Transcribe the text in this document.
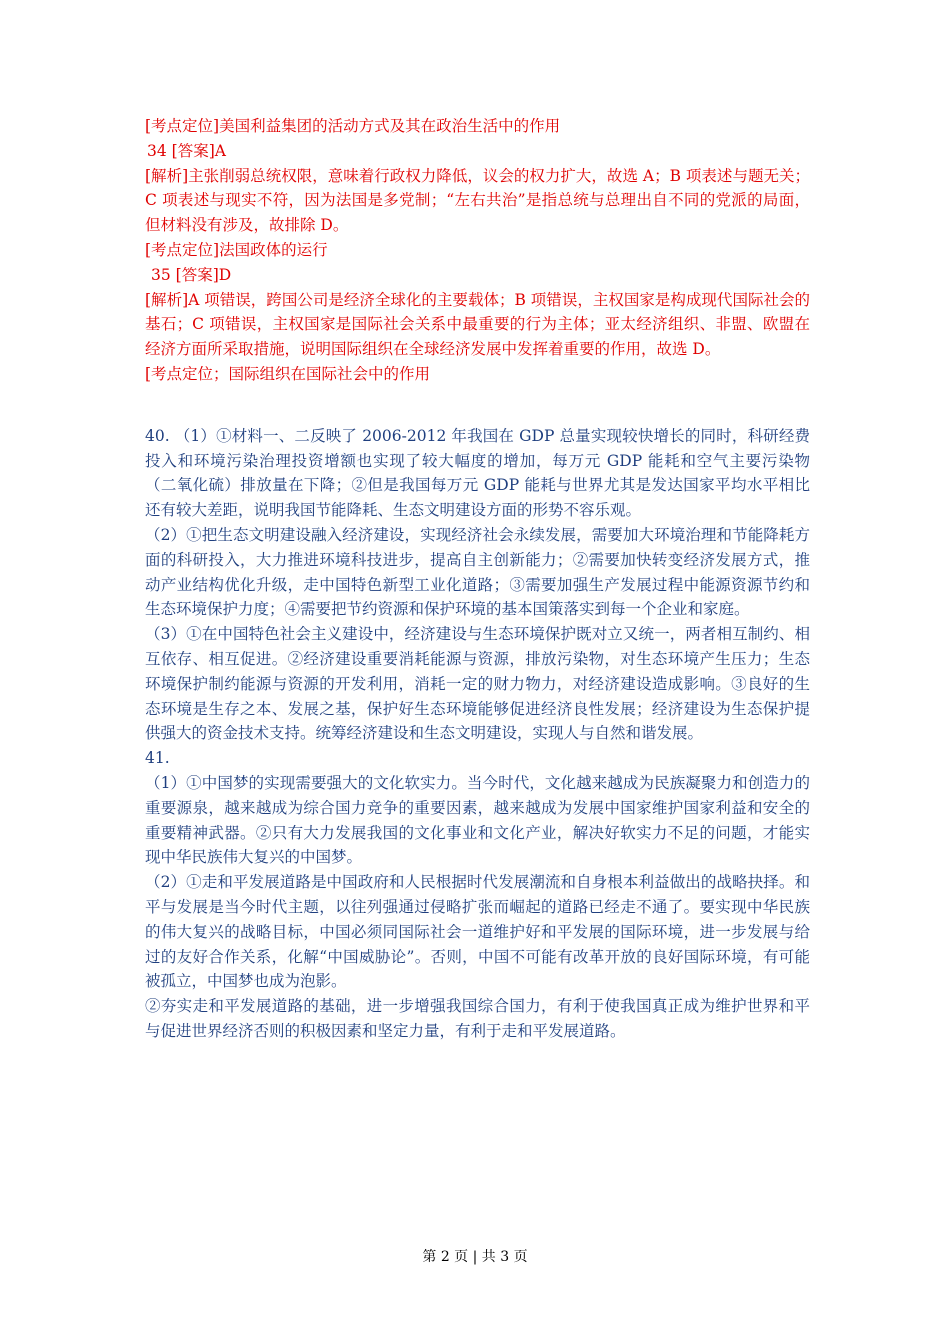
[考点定位]美国利益集团的活动方式及其在政治生活中的作用

34 [答案]A

[解析]主张削弱总统权限，意味着行政权力降低，议会的权力扩大，故选 A；B 项表述与题无关；C 项表述与现实不符，因为法国是多党制；“左右共治”是指总统与总理出自不同的党派的局面，但材料没有涉及，故排除 D。

[考点定位]法国政体的运行

35 [答案]D

[解析]A 项错误，跨国公司是经济全球化的主要载体；B 项错误，主权国家是构成现代国际社会的基石；C 项错误，主权国家是国际社会关系中最重要的行为主体；亚太经济组织、非盟、欧盟在经济方面所采取措施，说明国际组织在全球经济发展中发挥着重要的作用，故选 D。

[考点定位；国际组织在国际社会中的作用

40. （1）①材料一、二反映了 2006-2012 年我国在 GDP 总量实现较快增长的同时，科研经费投入和环境污染治理投资增额也实现了较大幅度的增加，每万元 GDP 能耗和空气主要污染物（二氧化硫）排放量在下降；②但是我国每万元 GDP 能耗与世界尤其是发达国家平均水平相比还有较大差距，说明我国节能降耗、生态文明建设方面的形势不容乐观。

（2）①把生态文明建设融入经济建设，实现经济社会永续发展，需要加大环境治理和节能降耗方面的科研投入，大力推进环境科技进步，提高自主创新能力；②需要加快转变经济发展方式，推动产业结构优化升级，走中国特色新型工业化道路；③需要加强生产发展过程中能源资源节约和生态环境保护力度；④需要把节约资源和保护环境的基本国策落实到每一个企业和家庭。

（3）①在中国特色社会主义建设中，经济建设与生态环境保护既对立又统一，两者相互制约、相互依存、相互促进。②经济建设重要消耗能源与资源，排放污染物，对生态环境产生压力；生态环境保护制约能源与资源的开发利用，消耗一定的财力物力，对经济建设造成影响。③良好的生态环境是生存之本、发展之基，保护好生态环境能够促进经济良性发展；经济建设为生态保护提供强大的资金技术支持。统筹经济建设和生态文明建设，实现人与自然和谐发展。

41.

（1）①中国梦的实现需要强大的文化软实力。当今时代，文化越来越成为民族凝聚力和创造力的重要源泉，越来越成为综合国力竞争的重要因素，越来越成为发展中国家维护国家利益和安全的重要精神武器。②只有大力发展我国的文化事业和文化产业，解决好软实力不足的问题，才能实现中华民族伟大复兴的中国梦。

（2）①走和平发展道路是中国政府和人民根据时代发展潮流和自身根本利益做出的战略抉择。和平与发展是当今时代主题，以往列强通过侵略扩张而崛起的道路已经走不通了。要实现中华民族的伟大复兴的战略目标，中国必须同国际社会一道维护好和平发展的国际环境，进一步发展与给过的友好合作关系，化解“中国威胁论”。否则，中国不可能有改革开放的良好国际环境，有可能被孤立，中国梦也成为泡影。

②夯实走和平发展道路的基础，进一步增强我国综合国力，有利于使我国真正成为维护世界和平与促进世界经济否则的积极因素和坚定力量，有利于走和平发展道路。

第 2 页 | 共 3 页
